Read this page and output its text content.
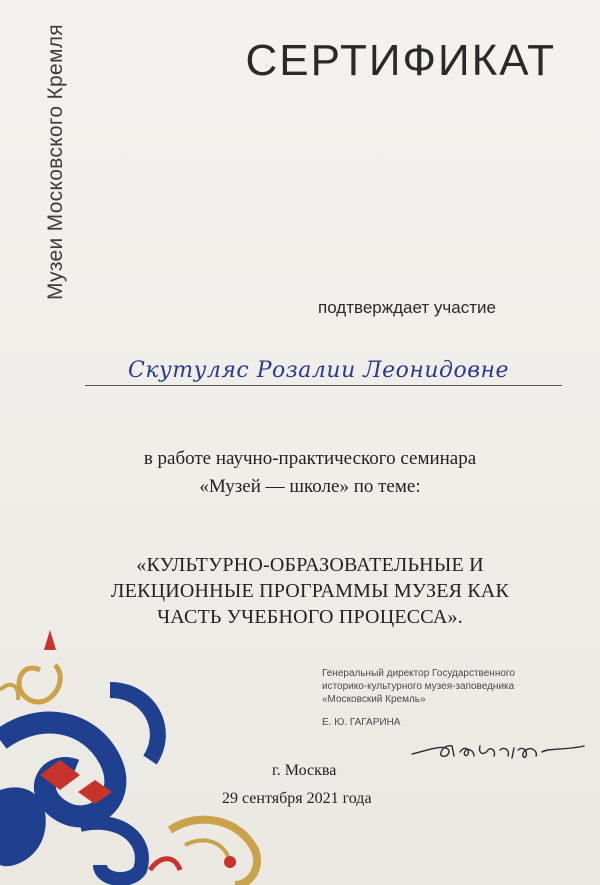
Музеи Московского Кремля	СЕРТИФИКАТ
подтверждает участие
Скутуляс Розалии Леонидовне
в работе научно-практического семинара
«Музей — школе» по теме:
«КУЛЬТУРНО-ОБРАЗОВАТЕЛЬНЫЕ И
ЛЕКЦИОННЫЕ ПРОГРАММЫ МУЗЕЯ КАК
ЧАСТЬ УЧЕБНОГО ПРОЦЕССА».
Генеральный директор Государственного
историко-культурного музея-заповедника
«Московский Кремль»
Е. Ю. ГАГАРИНА
г. Москва
29 сентября 2021 года
